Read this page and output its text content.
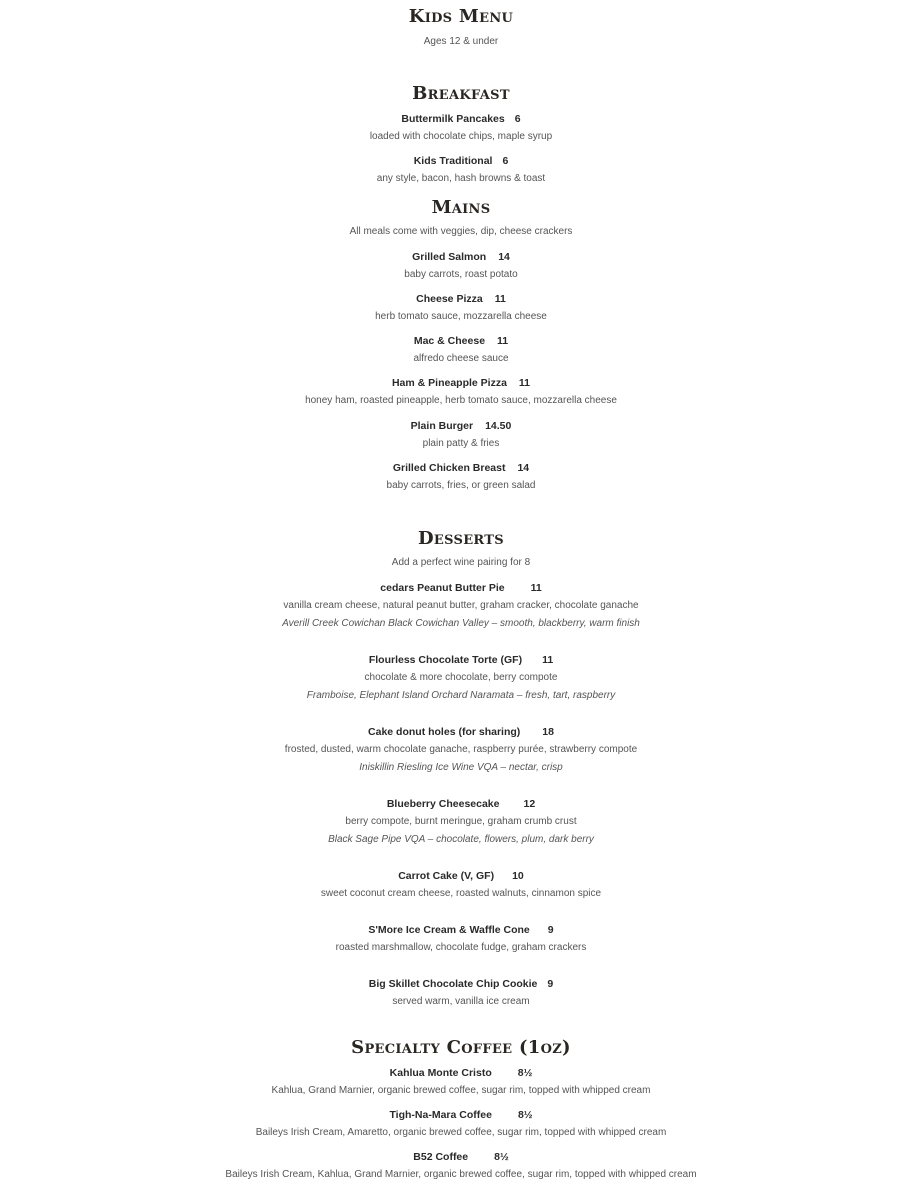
Kids Menu
Ages 12 & under
Breakfast
Buttermilk Pancakes 6
loaded with chocolate chips, maple syrup
Kids Traditional 6
any style, bacon, hash browns & toast
Mains
All meals come with veggies, dip, cheese crackers
Grilled Salmon 14
baby carrots, roast potato
Cheese Pizza 11
herb tomato sauce, mozzarella cheese
Mac & Cheese 11
alfredo cheese sauce
Ham & Pineapple Pizza 11
honey ham, roasted pineapple, herb tomato sauce, mozzarella cheese
Plain Burger 14.50
plain patty & fries
Grilled Chicken Breast 14
baby carrots, fries, or green salad
Desserts
Add a perfect wine pairing for 8
cedars Peanut Butter Pie 11
vanilla cream cheese, natural peanut butter, graham cracker, chocolate ganache
Averill Creek Cowichan Black Cowichan Valley – smooth, blackberry, warm finish
Flourless Chocolate Torte (GF) 11
chocolate & more chocolate, berry compote
Framboise, Elephant Island Orchard Naramata – fresh, tart, raspberry
Cake donut holes (for sharing) 18
frosted, dusted, warm chocolate ganache, raspberry purée, strawberry compote
Iniskillin Riesling Ice Wine VQA – nectar, crisp
Blueberry Cheesecake 12
berry compote, burnt meringue, graham crumb crust
Black Sage Pipe VQA – chocolate, flowers, plum, dark berry
Carrot Cake (V, GF) 10
sweet coconut cream cheese, roasted walnuts, cinnamon spice
S'More Ice Cream & Waffle Cone 9
roasted marshmallow, chocolate fudge, graham crackers
Big Skillet Chocolate Chip Cookie 9
served warm, vanilla ice cream
Specialty Coffee (1oz)
Kahlua Monte Cristo 8½
Kahlua, Grand Marnier, organic brewed coffee, sugar rim, topped with whipped cream
Tigh-Na-Mara Coffee 8½
Baileys Irish Cream, Amaretto, organic brewed coffee, sugar rim, topped with whipped cream
B52 Coffee 8½
Baileys Irish Cream, Kahlua, Grand Marnier, organic brewed coffee, sugar rim, topped with whipped cream
